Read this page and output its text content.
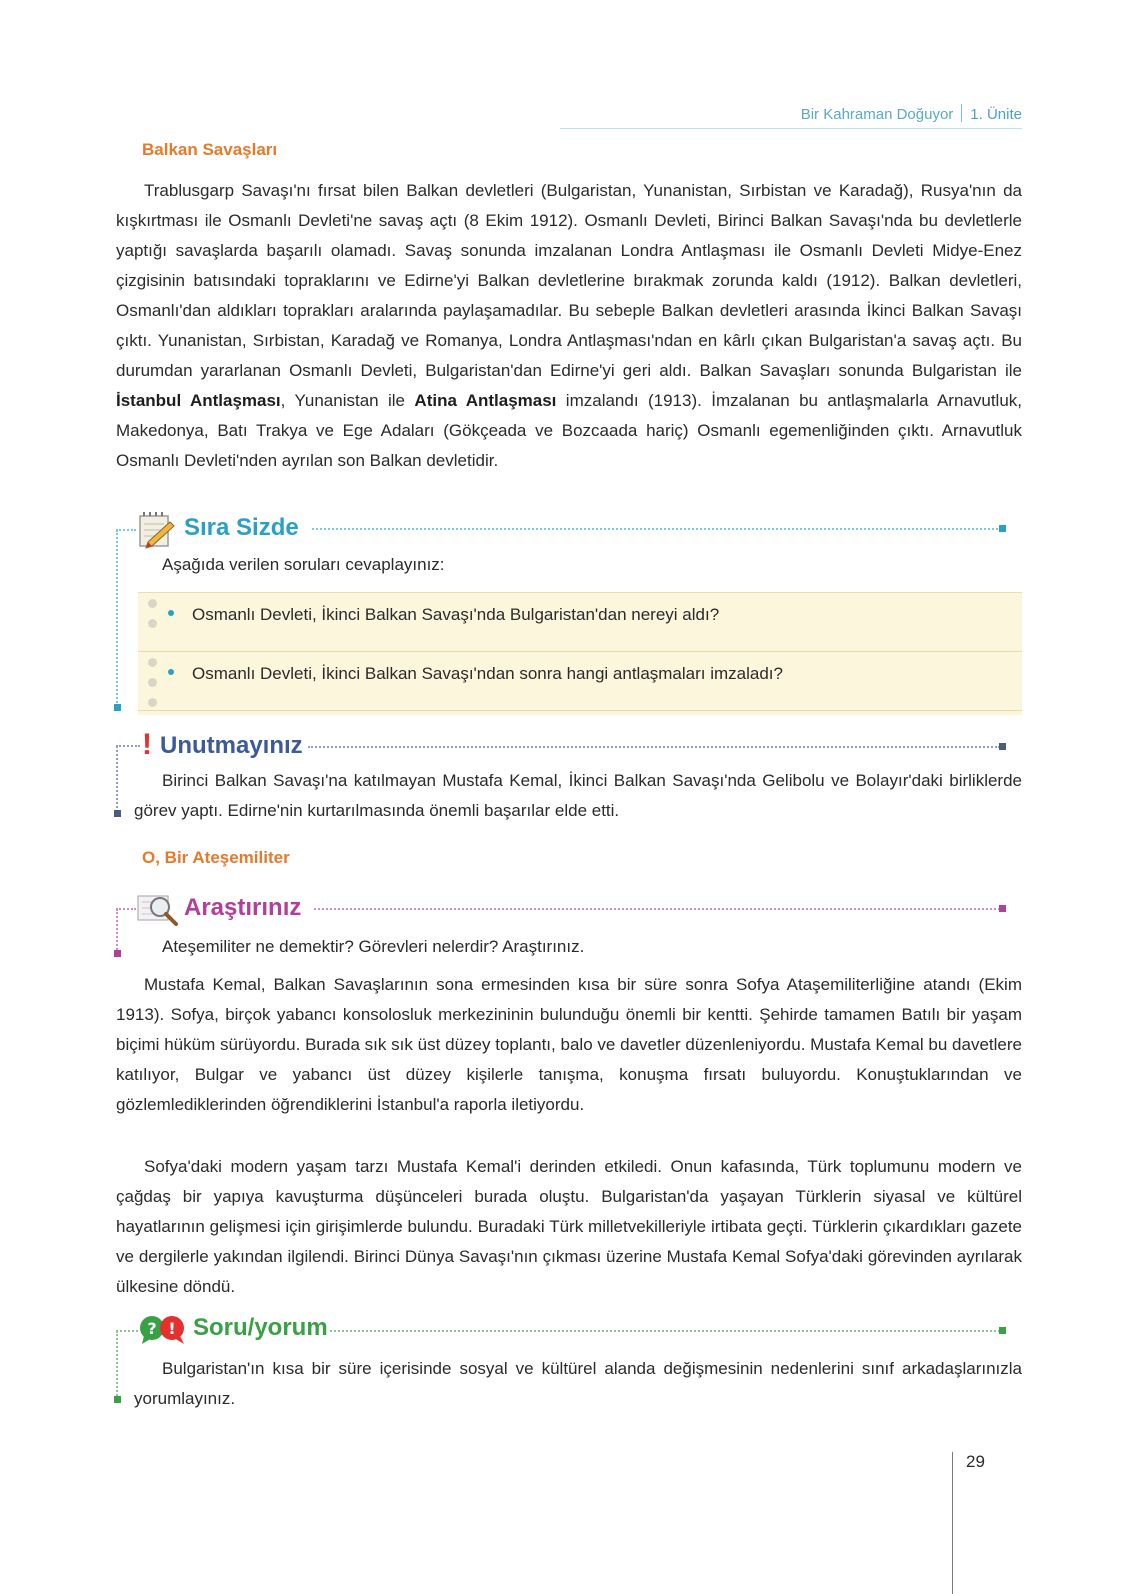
Bir Kahraman Doğuyor 1. Ünite
Balkan Savaşları
Trablusgarp Savaşı'nı fırsat bilen Balkan devletleri (Bulgaristan, Yunanistan, Sırbistan ve Karadağ), Rusya'nın da kışkırtması ile Osmanlı Devleti'ne savaş açtı (8 Ekim 1912). Osmanlı Devleti, Birinci Balkan Savaşı'nda bu devletlerle yaptığı savaşlarda başarılı olamadı. Savaş sonunda imzalanan Londra Antlaşması ile Osmanlı Devleti Midye-Enez çizgisinin batısındaki topraklarını ve Edirne'yi Balkan devletlerine bırakmak zorunda kaldı (1912). Balkan devletleri, Osmanlı'dan aldıkları toprakları aralarında paylaşamadılar. Bu sebeple Balkan devletleri arasında İkinci Balkan Savaşı çıktı. Yunanistan, Sırbistan, Karadağ ve Romanya, Londra Antlaşması'ndan en kârlı çıkan Bulgaristan'a savaş açtı. Bu durumdan yararlanan Osmanlı Devleti, Bulgaristan'dan Edirne'yi geri aldı. Balkan Savaşları sonunda Bulgaristan ile İstanbul Antlaşması, Yunanistan ile Atina Antlaşması imzalandı (1913). İmzalanan bu antlaşmalarla Arnavutluk, Makedonya, Batı Trakya ve Ege Adaları (Gökçeada ve Bozcaada hariç) Osmanlı egemenliğinden çıktı. Arnavutluk Osmanlı Devleti'nden ayrılan son Balkan devletidir.
Sıra Sizde
Aşağıda verilen soruları cevaplayınız:
Osmanlı Devleti, İkinci Balkan Savaşı'nda Bulgaristan'dan nereyi aldı?
Osmanlı Devleti, İkinci Balkan Savaşı'ndan sonra hangi antlaşmaları imzaladı?
! Unutmayınız
Birinci Balkan Savaşı'na katılmayan Mustafa Kemal, İkinci Balkan Savaşı'nda Gelibolu ve Bolayır'daki birliklerde görev yaptı. Edirne'nin kurtarılmasında önemli başarılar elde etti.
O, Bir Ateşemiliter
Araştırınız
Ateşemiliter ne demektir? Görevleri nelerdir? Araştırınız.
Mustafa Kemal, Balkan Savaşlarının sona ermesinden kısa bir süre sonra Sofya Ataşemiliterliğine atandı (Ekim 1913). Sofya, birçok yabancı konsolosluk merkezininin bulunduğu önemli bir kentti. Şehirde tamamen Batılı bir yaşam biçimi hüküm sürüyordu. Burada sık sık üst düzey toplantı, balo ve davetler düzenleniyordu. Mustafa Kemal bu davetlere katılıyor, Bulgar ve yabancı üst düzey kişilerle tanışma, konuşma fırsatı buluyordu. Konuştuklarından ve gözlemlediklerinden öğrendiklerini İstanbul'a raporla iletiyordu.
Sofya'daki modern yaşam tarzı Mustafa Kemal'i derinden etkiledi. Onun kafasında, Türk toplumunu modern ve çağdaş bir yapıya kavuşturma düşünceleri burada oluştu. Bulgaristan'da yaşayan Türklerin siyasal ve kültürel hayatlarının gelişmesi için girişimlerde bulundu. Buradaki Türk milletvekilleriyle irtibata geçti. Türklerin çıkardıkları gazete ve dergilerle yakından ilgilendi. Birinci Dünya Savaşı'nın çıkması üzerine Mustafa Kemal Sofya'daki görevinden ayrılarak ülkesine döndü.
? ! Soru/yorum
Bulgaristan'ın kısa bir süre içerisinde sosyal ve kültürel alanda değişmesinin nedenlerini sınıf arkadaşlarınızla yorumlayınız.
29
